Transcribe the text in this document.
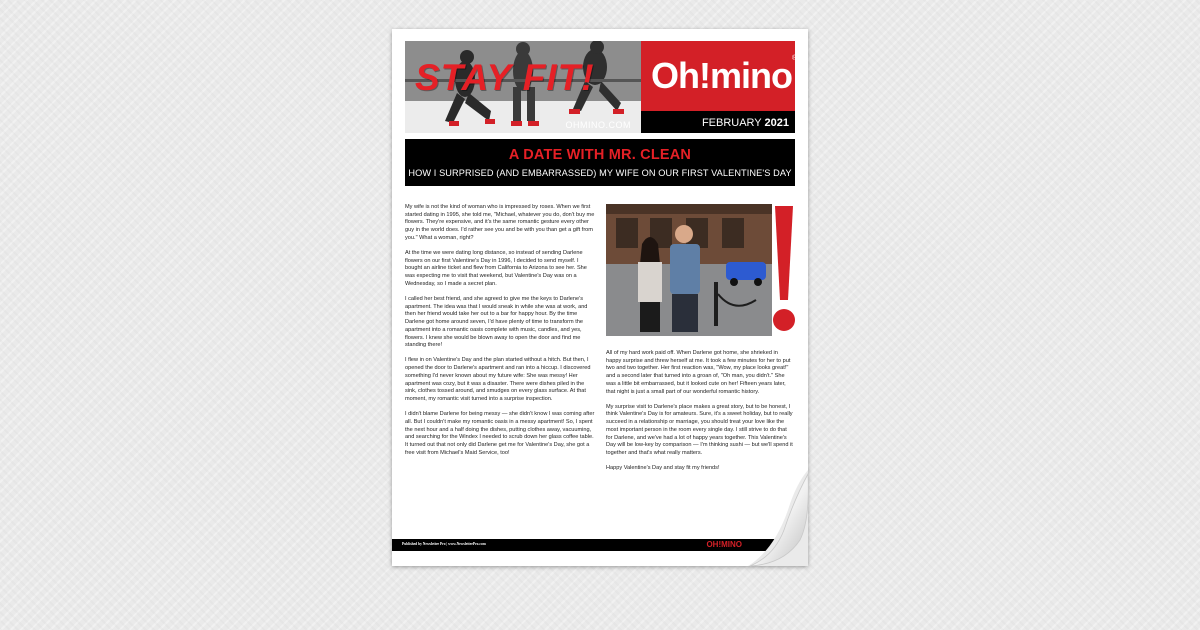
STAY FIT!
OHMINO.COM
Oh!mino®
FEBRUARY 2021
A DATE WITH MR. CLEAN
HOW I SURPRISED (AND EMBARRASSED) MY WIFE ON OUR FIRST VALENTINE'S DAY

My wife is not the kind of woman who is impressed by roses. When we first started dating in 1995, she told me, "Michael, whatever you do, don't buy me flowers. They're expensive, and it's the same romantic gesture every other guy in the world does. I'd rather see you and be with you than get a gift from you." What a woman, right?

At the time we were dating long distance, so instead of sending Darlene flowers on our first Valentine's Day in 1996, I decided to send myself. I bought an airline ticket and flew from California to Arizona to see her. She was expecting me to visit that weekend, but Valentine's Day was on a Wednesday, so I made a secret plan.

I called her best friend, and she agreed to give me the keys to Darlene's apartment. The idea was that I would sneak in while she was at work, and then her friend would take her out to a bar for happy hour. By the time Darlene got home around seven, I'd have plenty of time to transform the apartment into a romantic oasis complete with music, candles, and yes, flowers. I knew she would be blown away to open the door and find me standing there!

I flew in on Valentine's Day and the plan started without a hitch. But then, I opened the door to Darlene's apartment and ran into a hiccup. I discovered something I'd never known about my future wife: She was messy! Her apartment was cozy, but it was a disaster. There were dishes piled in the sink, clothes tossed around, and smudges on every glass surface. At that moment, my romantic visit turned into a surprise inspection.

I didn't blame Darlene for being messy — she didn't know I was coming after all. But I couldn't make my romantic oasis in a messy apartment! So, I spent the next hour and a half doing the dishes, putting clothes away, vacuuming, and searching for the Windex I needed to scrub down her glass coffee table. It turned out that not only did Darlene get me for Valentine's Day, she got a free visit from Michael's Maid Service, too!

All of my hard work paid off. When Darlene got home, she shrieked in happy surprise and threw herself at me. It took a few minutes for her to put two and two together. Her first reaction was, "Wow, my place looks great!" and a second later that turned into a groan of, "Oh man, you didn't." She was a little bit embarrassed, but it looked cute on her! Fifteen years later, that night is just a small part of our wonderful romantic history.

My surprise visit to Darlene's place makes a great story, but to be honest, I think Valentine's Day is for amateurs. Sure, it's a sweet holiday, but to really succeed in a relationship or marriage, you should treat your love like the most important person in the room every single day. I still strive to do that for Darlene, and we've had a lot of happy years together. This Valentine's Day will be low-key by comparison — I'm thinking sushi — but we'll spend it together and that's what really matters.

Happy Valentine's Day and stay fit my friends!

Published by Newsletter Pro | www.NewsletterPro.com	OH!MINO
